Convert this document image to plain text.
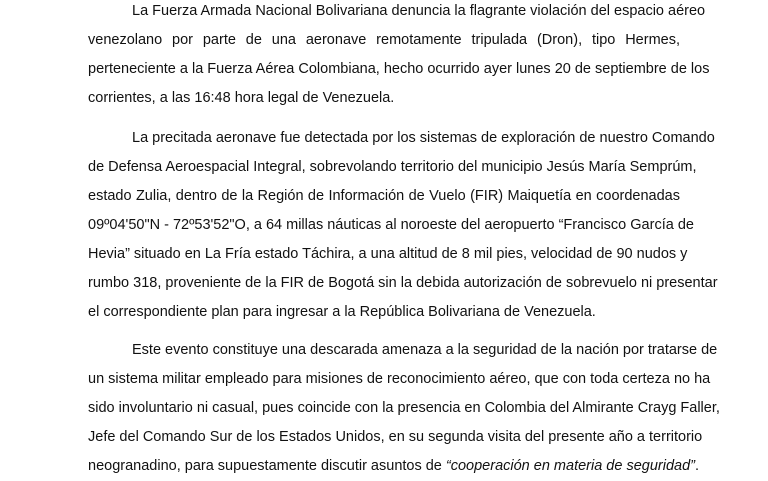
La Fuerza Armada Nacional Bolivariana denuncia la flagrante violación del espacio aéreo
venezolano por parte de una aeronave remotamente tripulada (Dron), tipo Hermes,
perteneciente a la Fuerza Aérea Colombiana, hecho ocurrido ayer lunes 20 de septiembre de los
corrientes, a las 16:48 hora legal de Venezuela.

La precitada aeronave fue detectada por los sistemas de exploración de nuestro Comando
de Defensa Aeroespacial Integral, sobrevolando territorio del municipio Jesús María Semprúm,
estado Zulia, dentro de la Región de Información de Vuelo (FIR) Maiquetía en coordenadas
09º04'50"N - 72º53'52"O, a 64 millas náuticas al noroeste del aeropuerto “Francisco García de
Hevia” situado en La Fría estado Táchira, a una altitud de 8 mil pies, velocidad de 90 nudos y
rumbo 318, proveniente de la FIR de Bogotá sin la debida autorización de sobrevuelo ni presentar
el correspondiente plan para ingresar a la República Bolivariana de Venezuela.

Este evento constituye una descarada amenaza a la seguridad de la nación por tratarse de
un sistema militar empleado para misiones de reconocimiento aéreo, que con toda certeza no ha
sido involuntario ni casual, pues coincide con la presencia en Colombia del Almirante Crayg Faller,
Jefe del Comando Sur de los Estados Unidos, en su segunda visita del presente año a territorio
neogranadino, para supuestamente discutir asuntos de “cooperación en materia de seguridad”.
